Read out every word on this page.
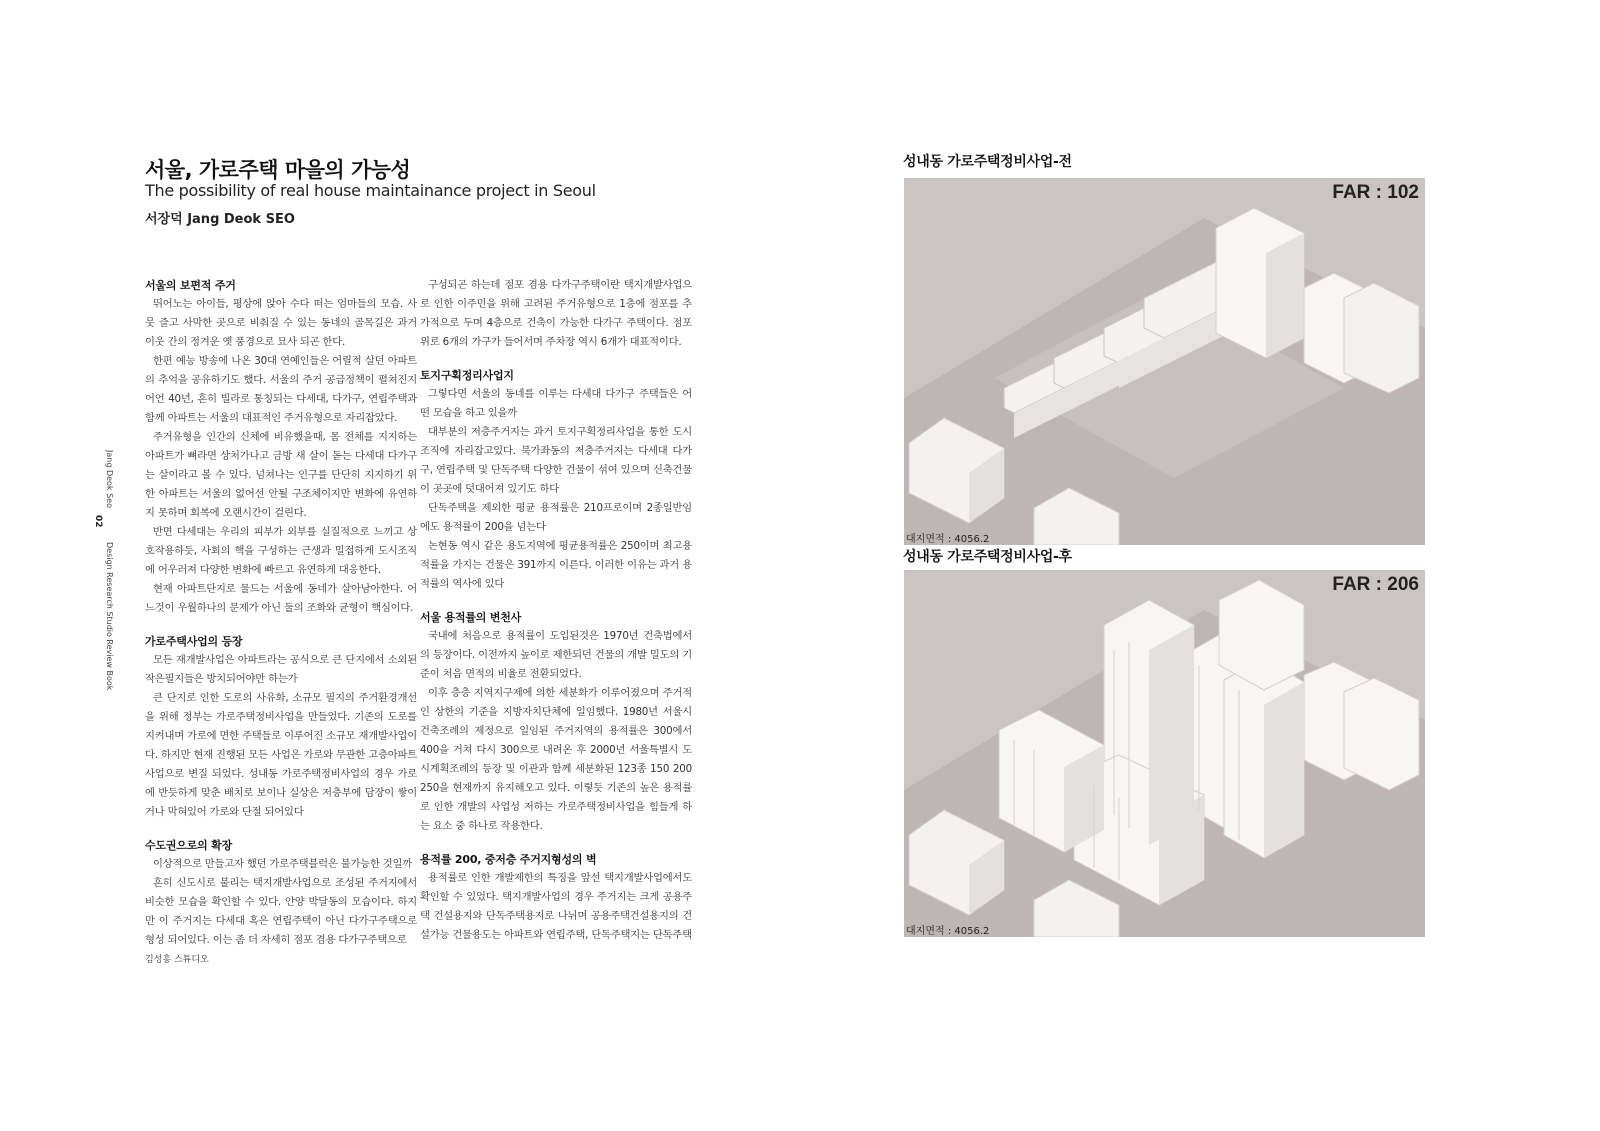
서울, 가로주택 마을의 가능성
The possibility of real house maintainance project in Seoul
서장덕 Jang Deok SEO
Jang Deok Seo
Design Research Studio Review Book
02
서울의 보편적 주거

뛰어노는 아이들, 평상에 앉아 수다 떠는 엄마들의 모습. 사뭇 즐고 사막한 곳으로 비춰질 수 있는 동네의 골목길은 과거 이웃 간의 정겨운 옛 풍경으로 묘사 되곤 한다.

한편 예능 방송에 나온 30대 연예인들은 어릴적 살던 아파트의 추억을 공유하기도 했다. 서울의 주거 공급정책이 펼쳐진지 어언 40년, 흔히 빌라로 통칭되는 다세대, 다가구, 연립주택과 함께 아파트는 서울의 대표적인 주거유형으로 자리잡았다.

주거유형을 인간의 신체에 비유했을때, 몸 전체를 지지하는 아파트가 뼈라면 상처가나고 금방 새 살이 돋는 다세대 다가구는 살이라고 볼 수 있다. 넘쳐나는 인구를 단단히 지지하기 위한 아파트는 서울의 없어선 안될 구조체이지만 변화에 유연하지 못하며 회복에 오랜시간이 걸린다.

반면 다세대는 우리의 피부가 외부를 실질적으로 느끼고 상호작용하듯, 사회의 핵을 구성하는 근생과 밀접하게 도시조직에 어우러져 다양한 변화에 빠르고 유연하게 대응한다.

현재 아파트단지로 물드는 서울에 동네가 살아남아한다. 어느것이 우월하나의 문제가 아닌 둘의 조화와 균형이 핵심이다.

가로주택사업의 등장

모든 재개발사업은 아파트라는 공식으로 큰 단지에서 소외된 작은필지들은 방치되어야만 하는가

큰 단지로 인한 도로의 사유화, 소규모 필지의 주거환경개선을 위해 정부는 가로주택정비사업을 만들었다. 기존의 도로를 지켜내며 가로에 면한 주택들로 이루어진 소규모 재개발사업이다. 하지만 현재 진행된 모든 사업은 가로와 무관한 고층아파트사업으로 변질 되었다. 성내동 가로주택정비사업의 경우 가로에 반듯하게 맞춘 배치로 보이나 실상은 저층부에 담장이 쌓이거나 막혀있어 가로와 단절 되어있다

수도권으로의 확장

이상적으로 만들고자 했던 가로주택블럭은 불가능한 것일까

흔히 신도시로 불리는 택지개발사업으로 조성된 주거지에서 비슷한 모습을 확인할 수 있다. 안양 박달동의 모습이다. 하지만 이 주거지는 다세대 혹은 연립주택이 아닌 다가구주택으로 형성 되어있다. 이는 좀 더 자세히 점포 겸용 다가구주택으로

구성되곤 하는데 점포 겸용 다가구주택이란 택지개발사업으로 인한 이주민을 위해 고려된 주거유형으로 1층에 점포를 추가적으로 두며 4층으로 건축이 가능한 다가구 주택이다. 점포위로 6개의 가구가 들어서며 주차장 역시 6개가 대표적이다.

토지구획정리사업지

그렇다면 서울의 동네를 이루는 다세대 다가구 주택들은 어떤 모습을 하고 있을까

대부분의 저층주거지는 과거 토지구획정리사업을 통한 도시조직에 자리잡고있다. 북가좌동의 저층주거지는 다세대 다가구, 연립주택 및 단독주택 다양한 건물이 섞여 있으며 신축건물이 곳곳에 덧대어져 있기도 하다

단독주택을 제외한 평균 용적률은 210프로이며 2종일반임에도 용적률이 200을 넘는다

논현동 역시 같은 용도지역에 평균용적률은 250이며 최고용적률을 가지는 건물은 391까지 이른다. 이러한 이유는 과거 용적률의 역사에 있다

서울 용적률의 변천사

국내에 처음으로 용적률이 도입된것은 1970년 건축법에서의 등장이다. 이전까지 높이로 제한되던 건물의 개발 밀도의 기준이 처음 면적의 비율로 전환되었다.

이후 층층 지역지구제에 의한 세분화가 이루어졌으며 주거적인 상한의 기준을 지방자치단체에 일임했다. 1980년 서울시 건축조례의 제정으로 일임된 주거지역의 용적률은 300에서 400을 거쳐 다시 300으로 내려온 후 2000년 서울특별시 도시계획조례의 등장 및 이관과 함께 세분화된 123종 150 200 250을 현재까지 유지해오고 있다. 이렇듯 기존의 높은 용적률로 인한 개발의 사업성 저하는 가로주택정비사업을 힘들게 하는 요소 중 하나로 작용한다.

용적률 200, 중저층 주거지형성의 벽

용적률로 인한 개발제한의 특징을 앞선 택지개발사업에서도 확인할 수 있었다. 택지개발사업의 경우 주거지는 크게 공용주택 건설용지와 단독주택용지로 나뉘며 공용주택건설용지의 건설가능 건물용도는 아파트와 연립주택, 단독주택지는 단독주택

김성흥 스튜디오
성내동 가로주택정비사업-전
FAR : 102
대지면적 : 4056.2
성내동 가로주택정비사업-후
FAR : 206
대지면적 : 4056.2
